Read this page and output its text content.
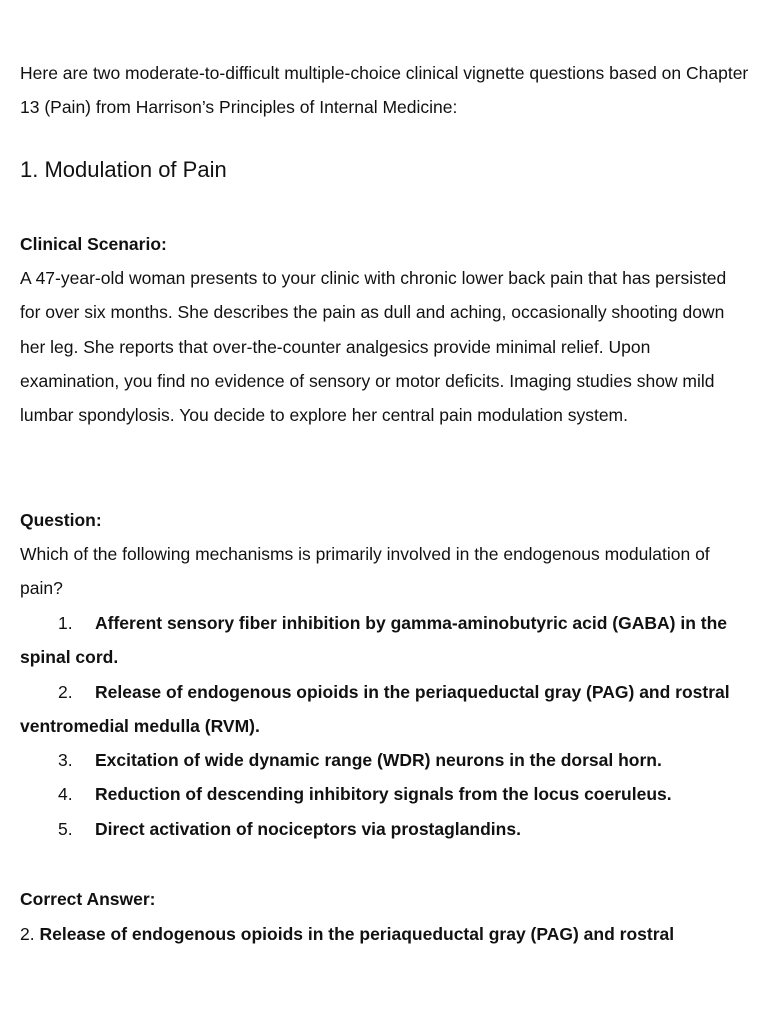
Here are two moderate-to-difficult multiple-choice clinical vignette questions based on Chapter 13 (Pain) from Harrison’s Principles of Internal Medicine:

1. Modulation of Pain

Clinical Scenario:

A 47-year-old woman presents to your clinic with chronic lower back pain that has persisted for over six months. She describes the pain as dull and aching, occasionally shooting down her leg. She reports that over-the-counter analgesics provide minimal relief. Upon examination, you find no evidence of sensory or motor deficits. Imaging studies show mild lumbar spondylosis. You decide to explore her central pain modulation system.

Question:

Which of the following mechanisms is primarily involved in the endogenous modulation of pain?

1. Afferent sensory fiber inhibition by gamma-aminobutyric acid (GABA) in the spinal cord.
2. Release of endogenous opioids in the periaqueductal gray (PAG) and rostral ventromedial medulla (RVM).
3. Excitation of wide dynamic range (WDR) neurons in the dorsal horn.
4. Reduction of descending inhibitory signals from the locus coeruleus.
5. Direct activation of nociceptors via prostaglandins.

Correct Answer:

2. Release of endogenous opioids in the periaqueductal gray (PAG) and rostral
